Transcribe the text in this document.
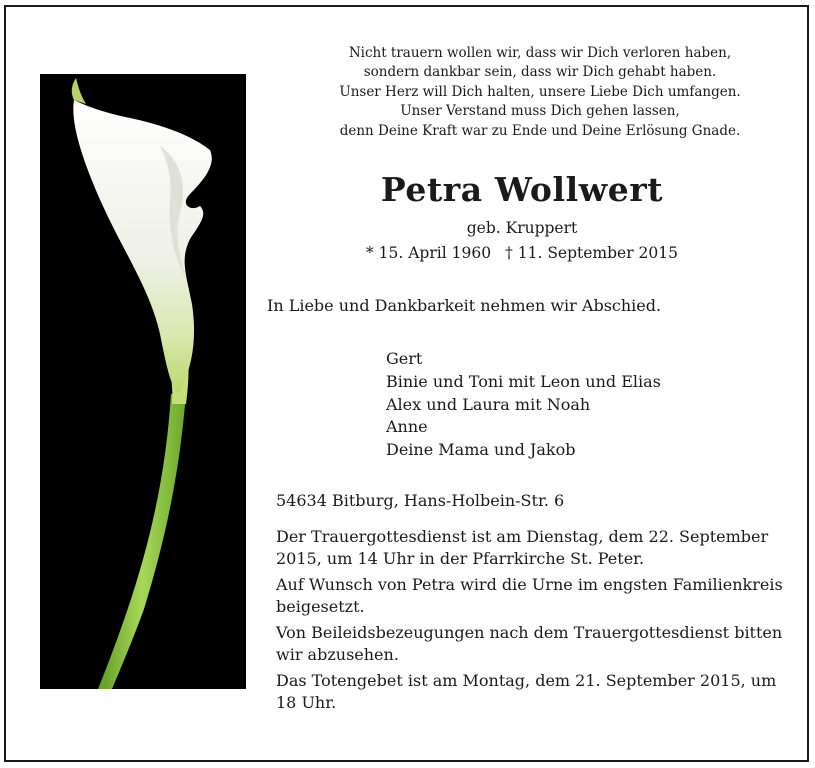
Nicht trauern wollen wir, dass wir Dich verloren haben,
sondern dankbar sein, dass wir Dich gehabt haben.
Unser Herz will Dich halten, unsere Liebe Dich umfangen.
Unser Verstand muss Dich gehen lassen,
denn Deine Kraft war zu Ende und Deine Erlösung Gnade.
Petra Wollwert
geb. Kruppert
* 15. April 1960 † 11. September 2015
In Liebe und Dankbarkeit nehmen wir Abschied.
Gert
Binie und Toni mit Leon und Elias
Alex und Laura mit Noah
Anne
Deine Mama und Jakob
54634 Bitburg, Hans-Holbein-Str. 6
Der Trauergottesdienst ist am Dienstag, dem 22. September 2015, um 14 Uhr in der Pfarrkirche St. Peter.
Auf Wunsch von Petra wird die Urne im engsten Familienkreis beigesetzt.
Von Beileidsbezeugungen nach dem Trauergottesdienst bitten wir abzusehen.
Das Totengebet ist am Montag, dem 21. September 2015, um 18 Uhr.
